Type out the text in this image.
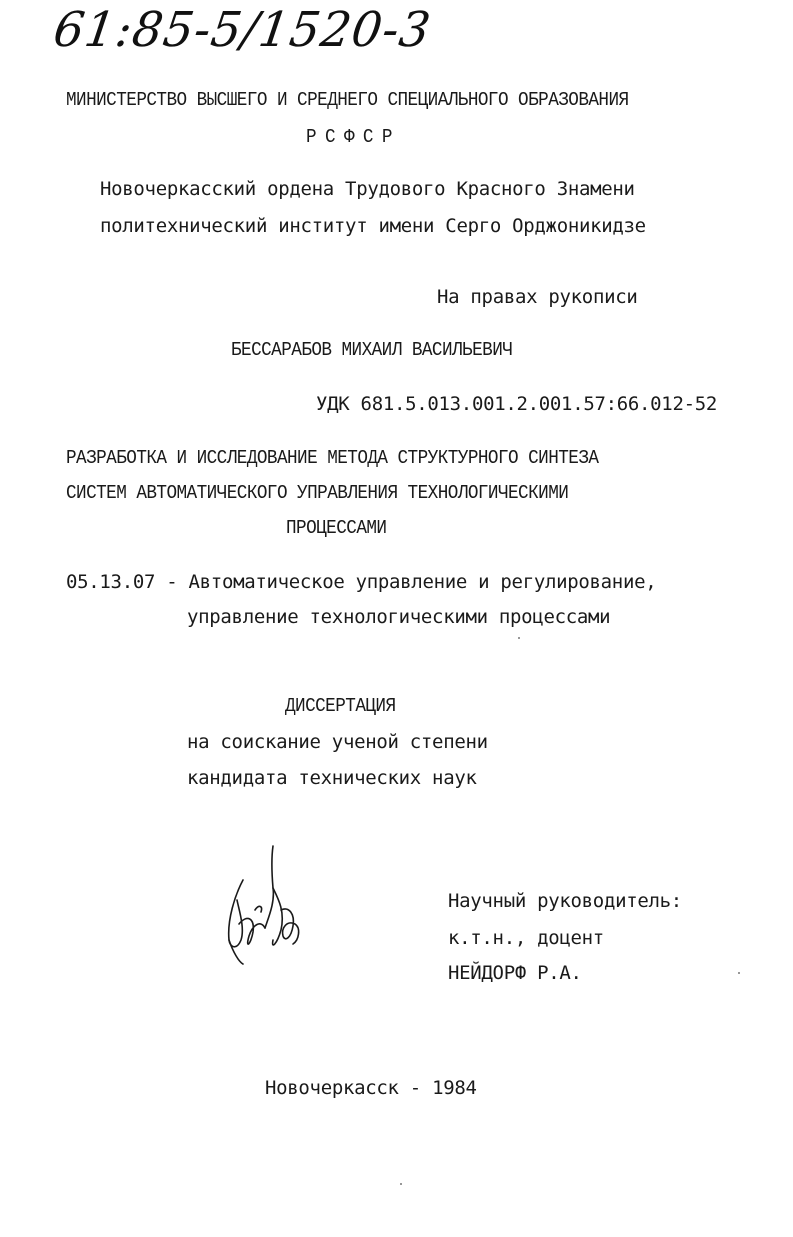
61:85-5/1520-3
МИНИСТЕРСТВО ВЫСШЕГО И СРЕДНЕГО СПЕЦИАЛЬНОГО ОБРАЗОВАНИЯ
РСФСР
Новочеркасский ордена Трудового Красного Знамени
политехнический институт имени Серго Орджоникидзе
На правах рукописи
БЕССАРАБОВ МИХАИЛ ВАСИЛЬЕВИЧ
УДК 681.5.013.001.2.001.57:66.012-52
РАЗРАБОТКА И ИССЛЕДОВАНИЕ МЕТОДА СТРУКТУРНОГО СИНТЕЗА
СИСТЕМ АВТОМАТИЧЕСКОГО УПРАВЛЕНИЯ ТЕХНОЛОГИЧЕСКИМИ
ПРОЦЕССАМИ
05.13.07 - Автоматическое управление и регулирование,
управление технологическими процессами
ДИССЕРТАЦИЯ
на соискание ученой степени
кандидата технических наук
Научный руководитель:
к.т.н., доцент
НЕЙДОРФ Р.А.
Новочеркасск - 1984
